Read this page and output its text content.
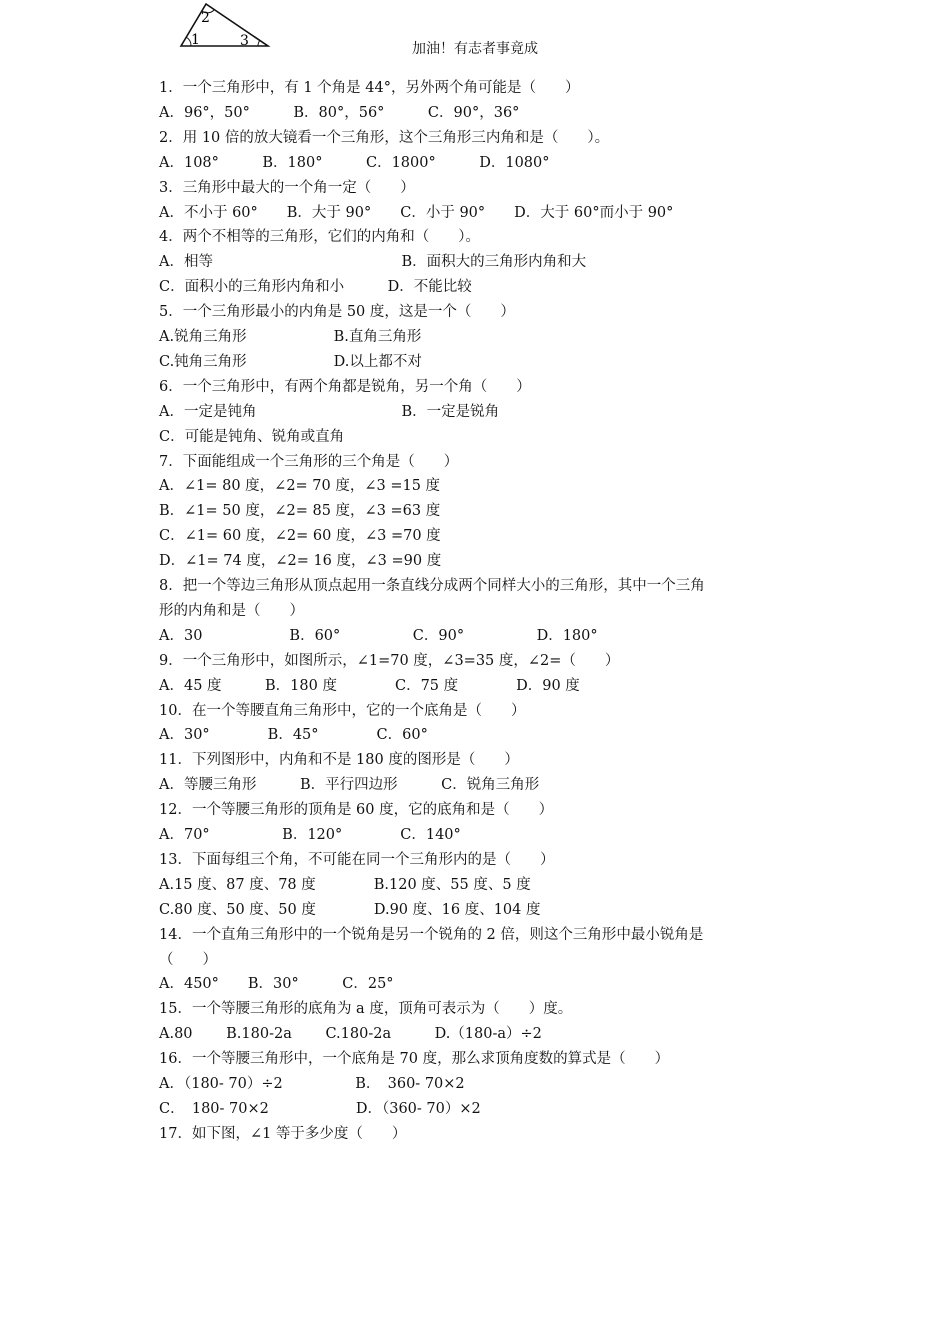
1
2
3	加油！有志者事竟成
1．一个三角形中，有 1 个角是 44°，另外两个角可能是（　　）
A．96°，50°　　　B．80°，56°　　　C．90°，36°
2．用 10 倍的放大镜看一个三角形，这个三角形三内角和是（　　）。
A．108°　　　B．180°　　　C．1800°　　　D．1080°
3．三角形中最大的一个角一定（　　）
A．不小于 60°　　B．大于 90°　　C．小于 90°　　D．大于 60°而小于 90°
4．两个不相等的三角形，它们的内角和（　　）。
A．相等　　　　　　　　　　　　　B．面积大的三角形内角和大
C．面积小的三角形内角和小　　　D．不能比较
5．一个三角形最小的内角是 50 度，这是一个（　　）
A.锐角三角形　　　　　　B.直角三角形
C.钝角三角形　　　　　　D.以上都不对
6．一个三角形中，有两个角都是锐角，另一个角（　　）
A．一定是钝角　　　　　　　　　　B．一定是锐角
C．可能是钝角、锐角或直角
7．下面能组成一个三角形的三个角是（　　）
A．∠1= 80 度，∠2= 70 度，∠3 =15 度
B．∠1= 50 度，∠2= 85 度，∠3 =63 度
C．∠1= 60 度，∠2= 60 度，∠3 =70 度
D．∠1= 74 度，∠2= 16 度，∠3 =90 度
8．把一个等边三角形从顶点起用一条直线分成两个同样大小的三角形，其中一个三角
形的内角和是（　　）
A．30　　　　　　B．60°　　　　　C．90°　　　　　D．180°
9．一个三角形中，如图所示，∠1=70 度，∠3=35 度，∠2=（　　）
A．45 度　　　B．180 度　　　　C．75 度　　　　D．90 度
10．在一个等腰直角三角形中，它的一个底角是（　　）
A．30°　　　　B．45°　　　　C．60°
11．下列图形中，内角和不是 180 度的图形是（　　）
A．等腰三角形　　　B．平行四边形　　　C．锐角三角形
12．一个等腰三角形的顶角是 60 度，它的底角和是（　　）
A．70°　　　　　B．120°　　　　C．140°
13．下面每组三个角，不可能在同一个三角形内的是（　　）
A.15 度、87 度、78 度　　　　B.120 度、55 度、5 度
C.80 度、50 度、50 度　　　　D.90 度、16 度、104 度
14．一个直角三角形中的一个锐角是另一个锐角的 2 倍，则这个三角形中最小锐角是
（　　）
A．450°　　B．30°　　　C．25°
15．一个等腰三角形的底角为 a 度，顶角可表示为（　　）度。
A.80　　 B.180-2a　　 C.180-2a　　　D.（180-a）÷2
16．一个等腰三角形中，一个底角是 70 度，那么求顶角度数的算式是（　　）
A．（180- 70）÷2　　　　　B．　360- 70×2
C．　180- 70×2　　　　　　D．（360- 70）×2
17．如下图，∠1 等于多少度（　　）
